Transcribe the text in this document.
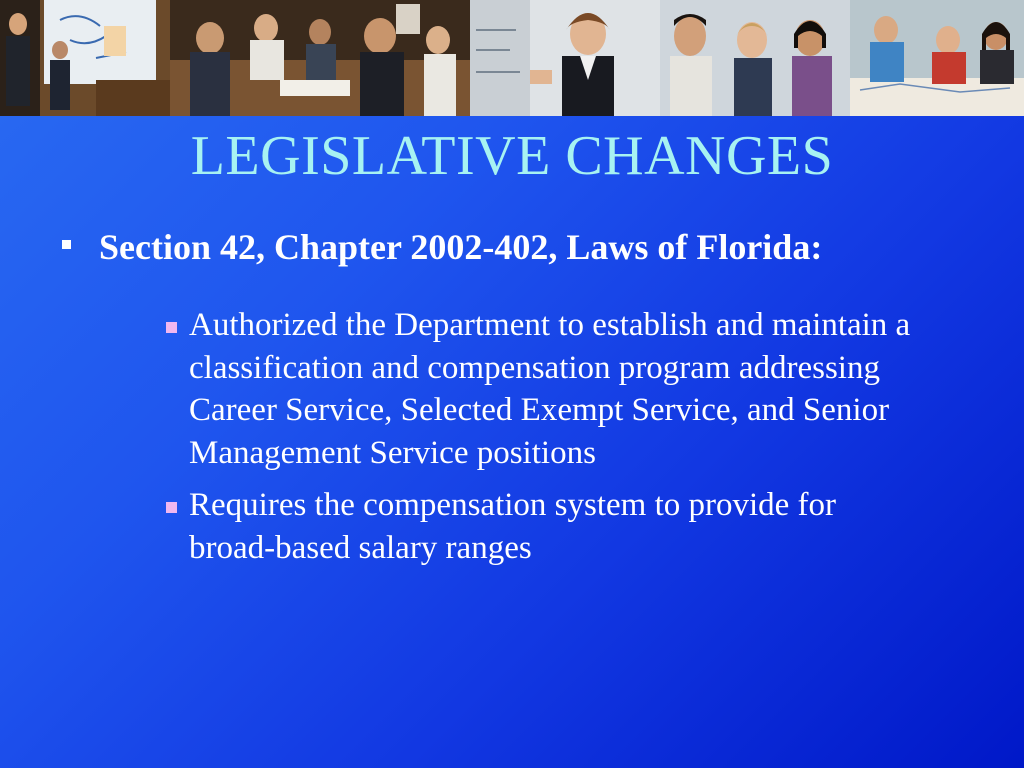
LEGISLATIVE CHANGES
Section 42, Chapter 2002-402, Laws of Florida:
Authorized the Department to establish and maintain a classification and compensation program addressing Career Service, Selected Exempt Service, and Senior Management Service positions
Requires the compensation system to provide for broad-based salary ranges
